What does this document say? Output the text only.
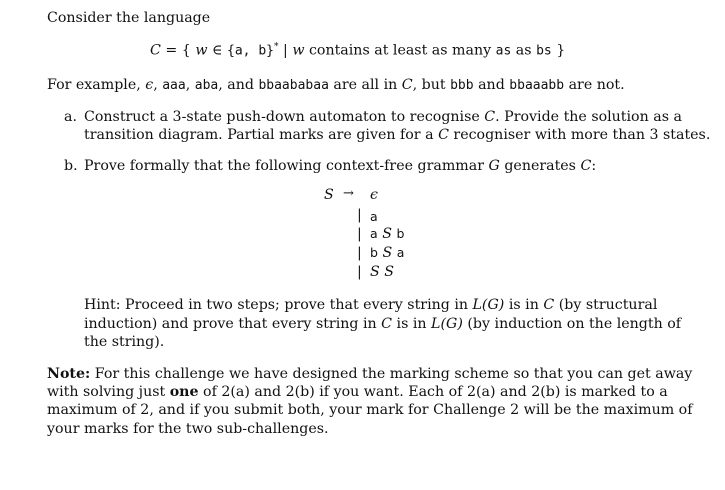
Consider the language
C = { w ∈ {a, b}* | w contains at least as many as as bs }
For example, ϵ, aaa, aba, and bbaababaa are all in C, but bbb and bbaaabb are not.
a. Construct a 3-state push-down automaton to recognise C. Provide the solution as a
transition diagram. Partial marks are given for a C recogniser with more than 3 states.
b. Prove formally that the following context-free grammar G generates C:
S → ϵ
| a
| a S b
| b S a
| S S
Hint: Proceed in two steps; prove that every string in L(G) is in C (by structural
induction) and prove that every string in C is in L(G) (by induction on the length of
the string).
Note: For this challenge we have designed the marking scheme so that you can get away
with solving just one of 2(a) and 2(b) if you want. Each of 2(a) and 2(b) is marked to a
maximum of 2, and if you submit both, your mark for Challenge 2 will be the maximum of
your marks for the two sub-challenges.
